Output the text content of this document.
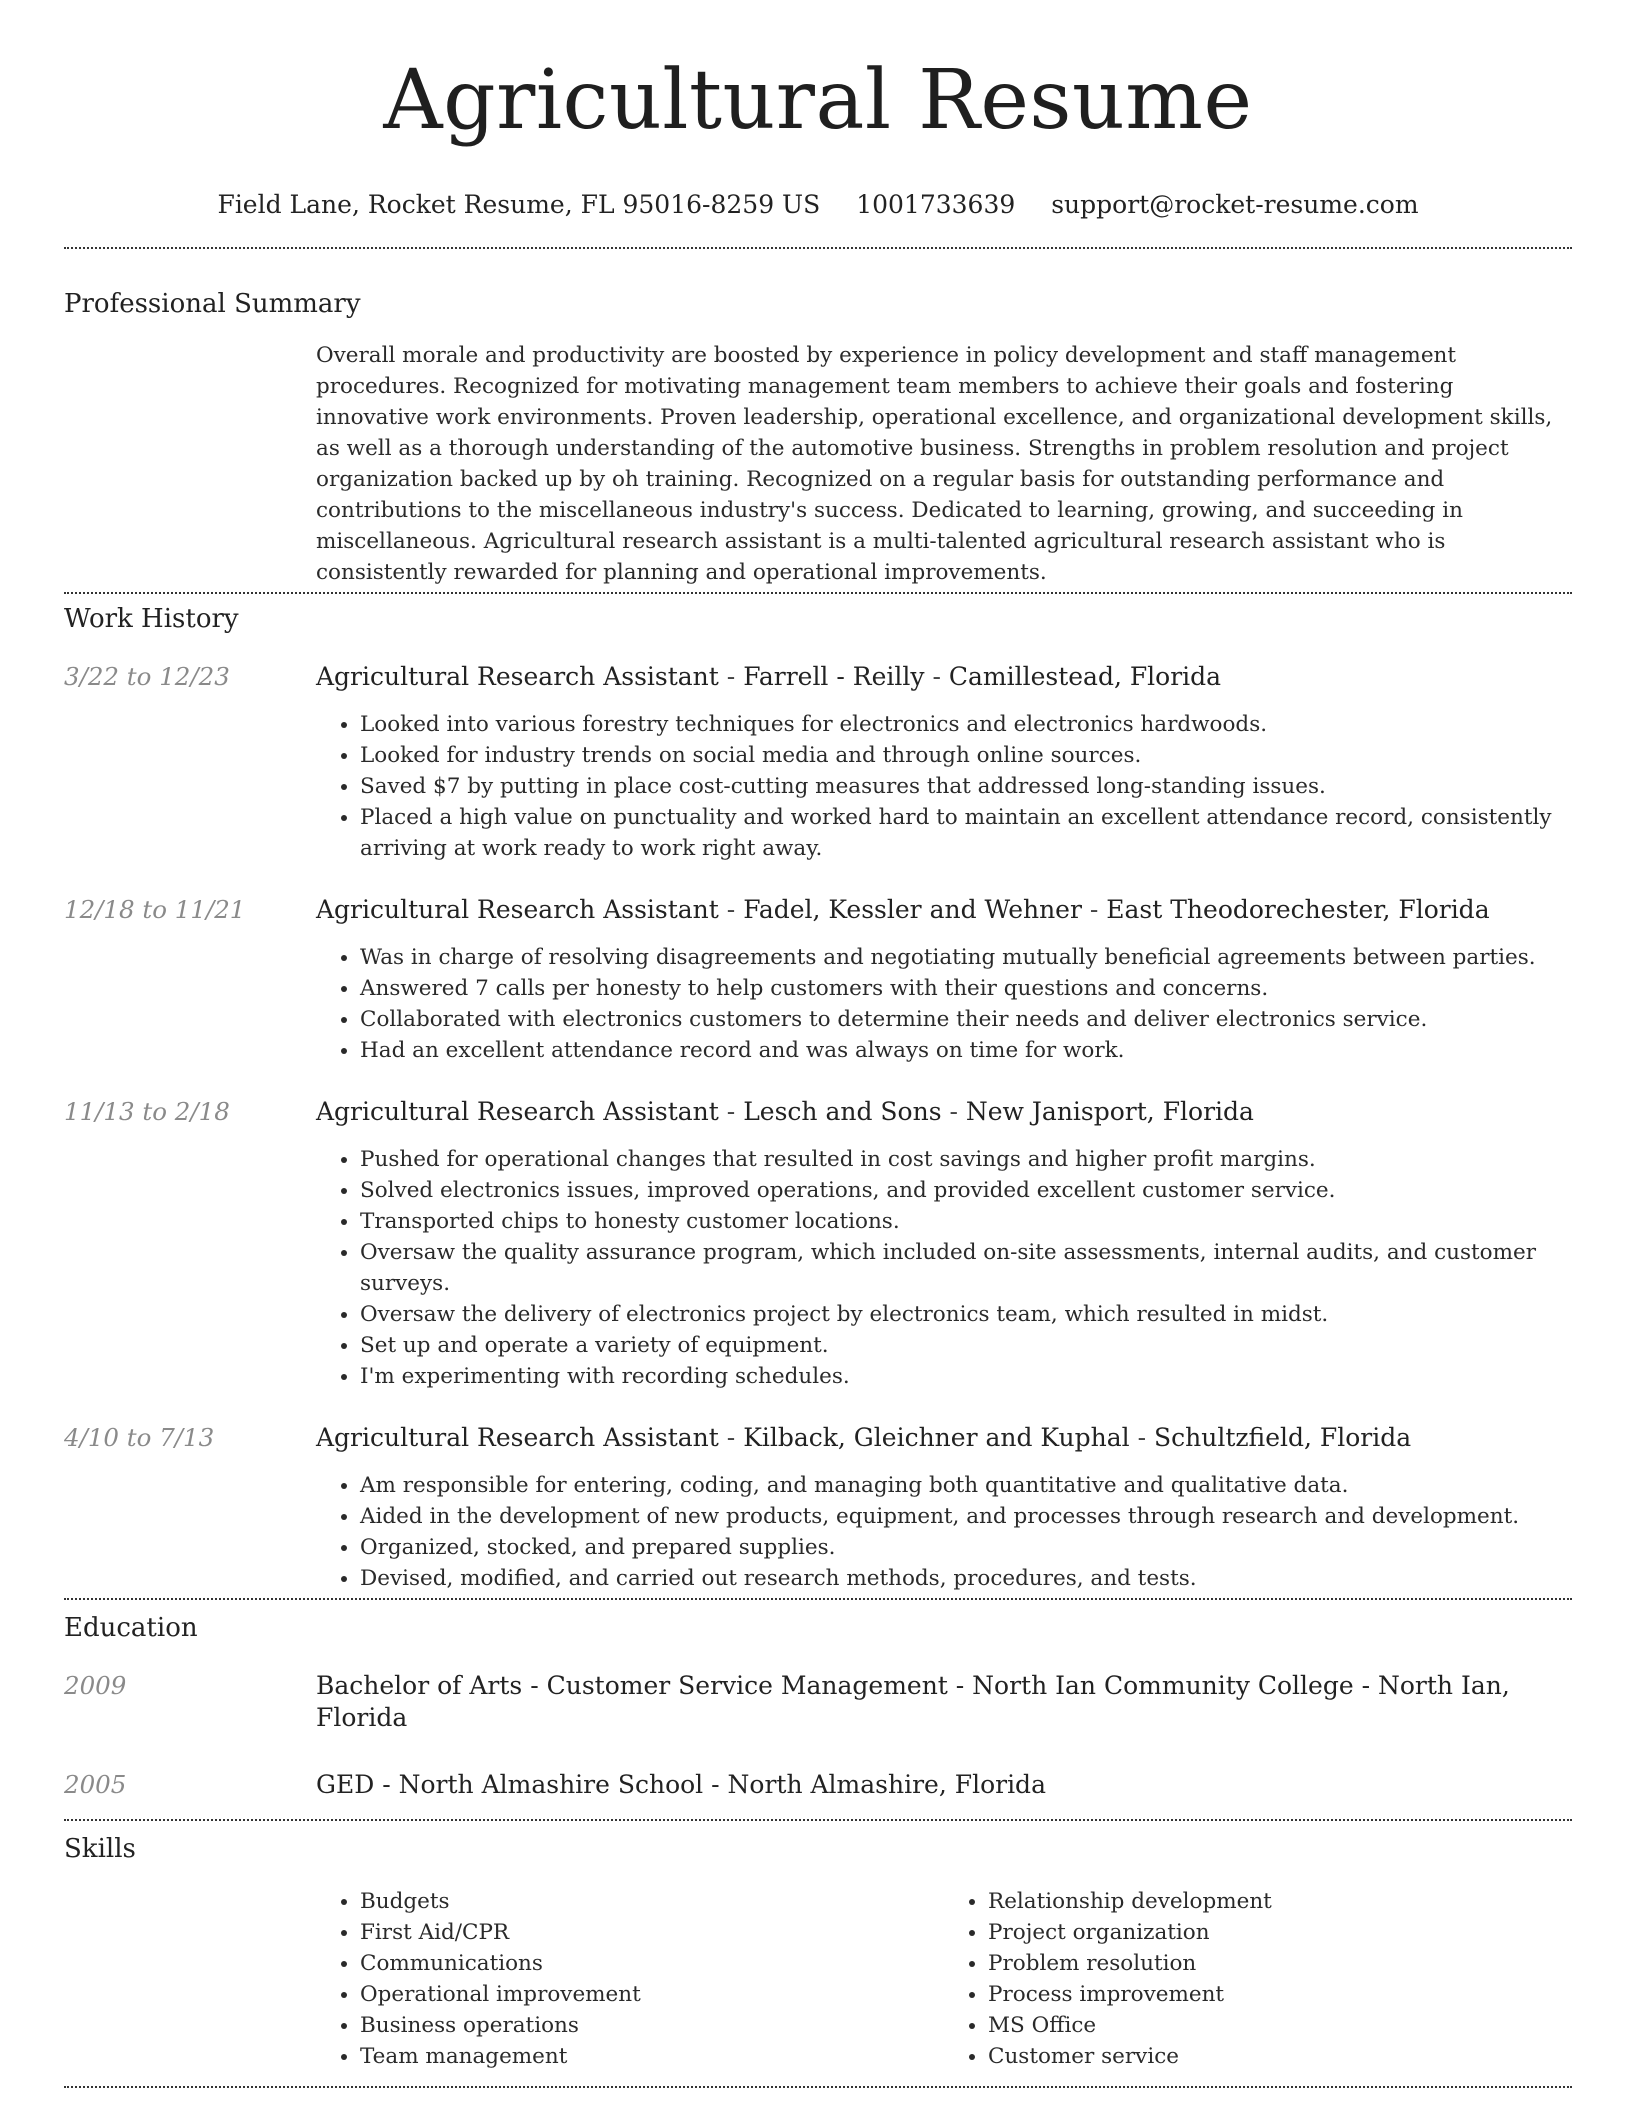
Agricultural Resume
Field Lane, Rocket Resume, FL 95016-8259 US 1001733639 support@rocket-resume.com
Professional Summary
Overall morale and productivity are boosted by experience in policy development and staff management procedures. Recognized for motivating management team members to achieve their goals and fostering innovative work environments. Proven leadership, operational excellence, and organizational development skills, as well as a thorough understanding of the automotive business. Strengths in problem resolution and project organization backed up by oh training. Recognized on a regular basis for outstanding performance and contributions to the miscellaneous industry's success. Dedicated to learning, growing, and succeeding in miscellaneous. Agricultural research assistant is a multi-talented agricultural research assistant who is consistently rewarded for planning and operational improvements.
Work History
3/22 to 12/23	Agricultural Research Assistant - Farrell - Reilly - Camillestead, Florida
• Looked into various forestry techniques for electronics and electronics hardwoods.
• Looked for industry trends on social media and through online sources.
• Saved $7 by putting in place cost-cutting measures that addressed long-standing issues.
• Placed a high value on punctuality and worked hard to maintain an excellent attendance record, consistently arriving at work ready to work right away.
12/18 to 11/21	Agricultural Research Assistant - Fadel, Kessler and Wehner - East Theodorechester, Florida
• Was in charge of resolving disagreements and negotiating mutually beneficial agreements between parties.
• Answered 7 calls per honesty to help customers with their questions and concerns.
• Collaborated with electronics customers to determine their needs and deliver electronics service.
• Had an excellent attendance record and was always on time for work.
11/13 to 2/18	Agricultural Research Assistant - Lesch and Sons - New Janisport, Florida
• Pushed for operational changes that resulted in cost savings and higher profit margins.
• Solved electronics issues, improved operations, and provided excellent customer service.
• Transported chips to honesty customer locations.
• Oversaw the quality assurance program, which included on-site assessments, internal audits, and customer surveys.
• Oversaw the delivery of electronics project by electronics team, which resulted in midst.
• Set up and operate a variety of equipment.
• I'm experimenting with recording schedules.
4/10 to 7/13	Agricultural Research Assistant - Kilback, Gleichner and Kuphal - Schultzfield, Florida
• Am responsible for entering, coding, and managing both quantitative and qualitative data.
• Aided in the development of new products, equipment, and processes through research and development.
• Organized, stocked, and prepared supplies.
• Devised, modified, and carried out research methods, procedures, and tests.
Education
2009	Bachelor of Arts - Customer Service Management - North Ian Community College - North Ian, Florida
2005	GED - North Almashire School - North Almashire, Florida
Skills
• Budgets
• First Aid/CPR
• Communications
• Operational improvement
• Business operations
• Team management
• Relationship development
• Project organization
• Problem resolution
• Process improvement
• MS Office
• Customer service
